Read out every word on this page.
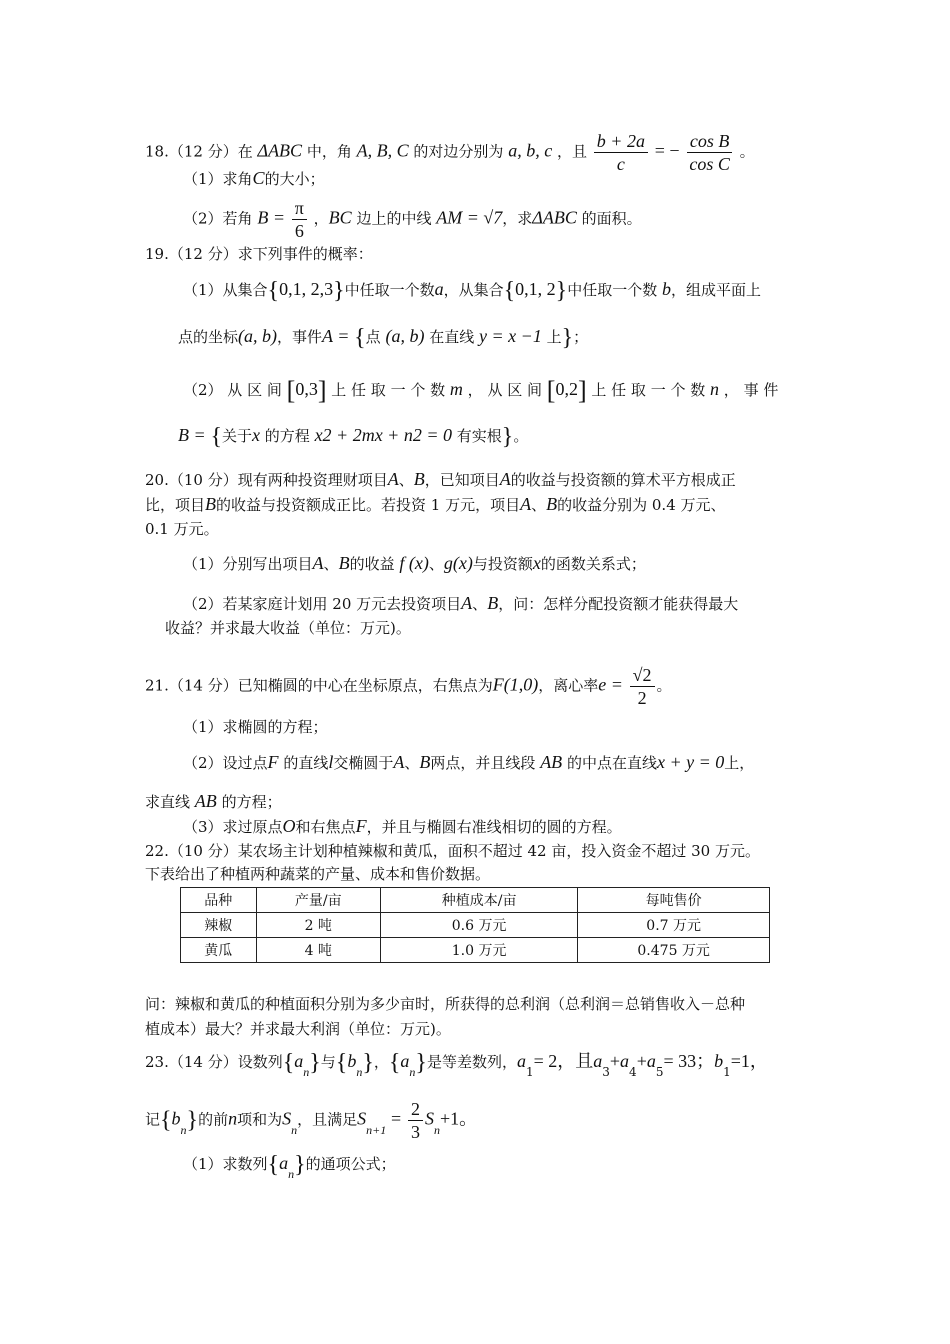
18.（12 分）在 ΔABC 中，角 A, B, C 的对边分别为 a, b, c ，且 $\frac{b + 2a}{c}$ = − $\frac{\text{cos B}}{\text{cos C}}$ 。
（1）求角C的大小；
（2）若角 $B = \frac{\pi}{6}$ ，BC 边上的中线 AM = √7，求ΔABC 的面积。
19.（12 分）求下列事件的概率：
（1）从集合{0,1, 2,3}中任取一个数a，从集合{0,1, 2}中任取一个数 b，组成平面上
点的坐标(a, b)，事件A = {点 (a, b) 在直线 y = x −1 上}；
（2） 从 区 间 [0,3] 上 任 取 一 个 数 m ， 从 区 间 [0,2] 上 任 取 一 个 数 n ， 事 件
B = {关于x 的方程 x2 + 2mx + n2 = 0 有实根}。
20.（10 分）现有两种投资理财项目A、B，已知项目A的收益与投资额的算术平方根成正
比，项目B的收益与投资额成正比。若投资 1 万元，项目A、B的收益分别为 0.4 万元、
0.1 万元。
（1）分别写出项目A、B的收益 f (x)、g(x)与投资额x的函数关系式；
（2）若某家庭计划用 20 万元去投资项目A、B，问：怎样分配投资额才能获得最大
收益？并求最大收益（单位：万元)。
21.（14 分）已知椭圆的中心在坐标原点，右焦点为F(1,0)，离心率$e = \frac{√2}{2}$ 。
（1）求椭圆的方程；
（2）设过点F 的直线l交椭圆于A、B两点，并且线段 AB 的中点在直线x + y = 0上，
求直线 AB 的方程；
（3）求过原点O和右焦点F，并且与椭圆右准线相切的圆的方程。
22.（10 分）某农场主计划种植辣椒和黄瓜，面积不超过 42 亩，投入资金不超过 30 万元。
下表给出了种植两种蔬菜的产量、成本和售价数据。
品种	产量/亩	种植成本/亩	每吨售价
辣椒	2 吨	0.6 万元	0.7 万元
黄瓜	4 吨	1.0 万元	0.475 万元
问：辣椒和黄瓜的种植面积分别为多少亩时，所获得的总利润（总利润＝总销售收入－总种
植成本）最大？并求最大利润（单位：万元)。
23.（14 分）设数列$\{a_n\}$与$\{b_n\}$，$\{a_n\}$是等差数列，$a_1= 2$，且$a_3+a_4+a_5= 33$；$b_1=1$，
记$\{b_n\}$的前n项和为$S_n$，且满足$S_{n+1} = \frac{2}{3} S_n+1$。
（1）求数列$\{a_n\}$的通项公式；
